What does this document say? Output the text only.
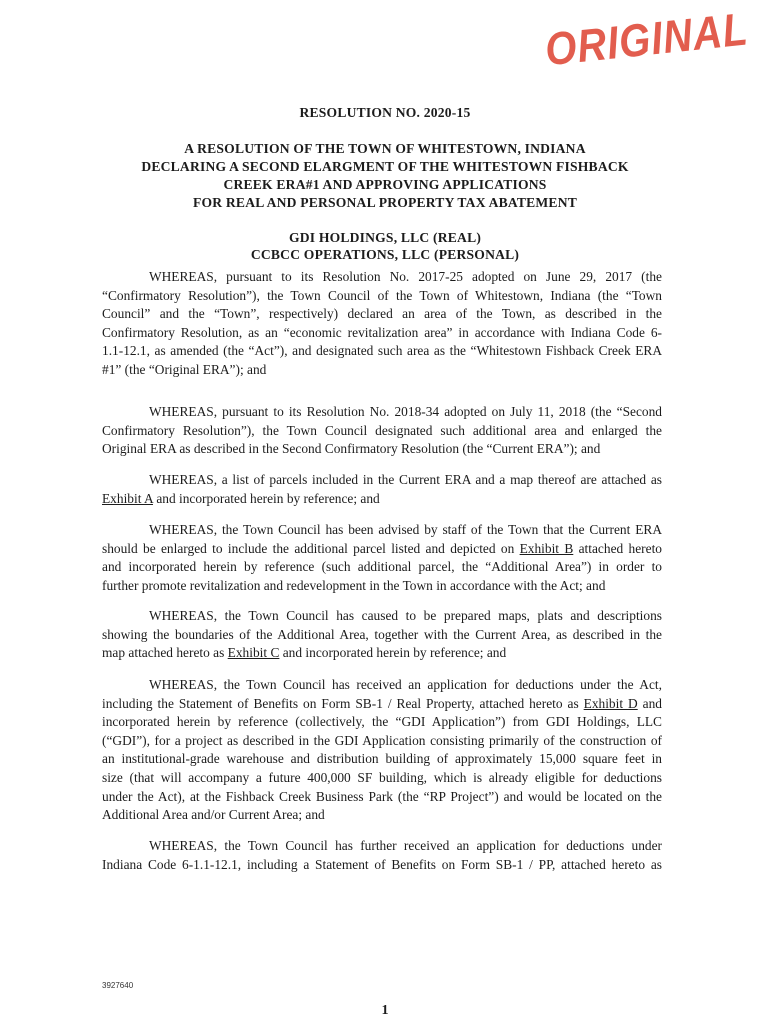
ORIGINAL
RESOLUTION NO. 2020-15
A RESOLUTION OF THE TOWN OF WHITESTOWN, INDIANA
DECLARING A SECOND ELARGMENT OF THE WHITESTOWN FISHBACK
CREEK ERA#1 AND APPROVING APPLICATIONS
FOR REAL AND PERSONAL PROPERTY TAX ABATEMENT
GDI HOLDINGS, LLC (REAL)
CCBCC OPERATIONS, LLC (PERSONAL)
WHEREAS, pursuant to its Resolution No. 2017-25 adopted on June 29, 2017 (the
“Confirmatory Resolution”), the Town Council of the Town of Whitestown, Indiana (the “Town
Council” and the “Town”, respectively) declared an area of the Town, as described in the
Confirmatory Resolution, as an “economic revitalization area” in accordance with Indiana Code 6-
1.1-12.1, as amended (the “Act”), and designated such area as the “Whitestown Fishback Creek ERA
#1” (the “Original ERA”); and
WHEREAS, pursuant to its Resolution No. 2018-34 adopted on July 11, 2018 (the “Second
Confirmatory Resolution”), the Town Council designated such additional area and enlarged the
Original ERA as described in the Second Confirmatory Resolution (the “Current ERA”); and
WHEREAS, a list of parcels included in the Current ERA and a map thereof are attached as
Exhibit A and incorporated herein by reference; and
WHEREAS, the Town Council has been advised by staff of the Town that the Current ERA
should be enlarged to include the additional parcel listed and depicted on Exhibit B attached hereto
and incorporated herein by reference (such additional parcel, the “Additional Area”) in order to
further promote revitalization and redevelopment in the Town in accordance with the Act; and
WHEREAS, the Town Council has caused to be prepared maps, plats and descriptions
showing the boundaries of the Additional Area, together with the Current Area, as described in the
map attached hereto as Exhibit C and incorporated herein by reference; and
WHEREAS, the Town Council has received an application for deductions under the Act,
including the Statement of Benefits on Form SB-1 / Real Property, attached hereto as Exhibit D and
incorporated herein by reference (collectively, the “GDI Application”) from GDI Holdings, LLC
(“GDI”), for a project as described in the GDI Application consisting primarily of the construction of
an institutional-grade warehouse and distribution building of approximately 15,000 square feet in
size (that will accompany a future 400,000 SF building, which is already eligible for deductions
under the Act), at the Fishback Creek Business Park (the “RP Project”) and would be located on the
Additional Area and/or Current Area; and
WHEREAS, the Town Council has further received an application for deductions under
Indiana Code 6-1.1-12.1, including a Statement of Benefits on Form SB-1 / PP, attached hereto as
3927640
1
